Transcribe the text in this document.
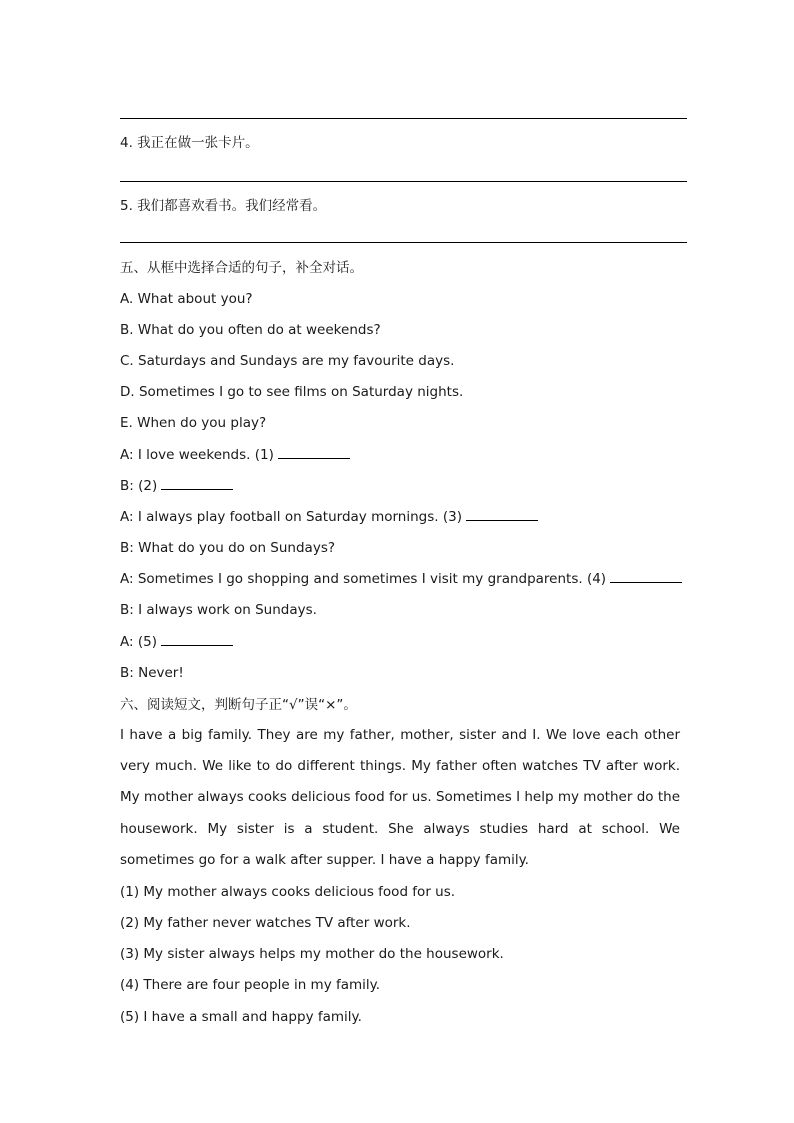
4. 我正在做一张卡片。
5. 我们都喜欢看书。我们经常看。
五、从框中选择合适的句子，补全对话。
A. What about you?
B. What do you often do at weekends?
C. Saturdays and Sundays are my favourite days.
D. Sometimes I go to see films on Saturday nights.
E. When do you play?
A: I love weekends. (1)
B: (2)
A: I always play football on Saturday mornings. (3)
B: What do you do on Sundays?
A: Sometimes I go shopping and sometimes I visit my grandparents. (4)
B: I always work on Sundays.
A: (5)
B: Never!
六、阅读短文，判断句子正“√”误“×”。
I have a big family. They are my father, mother, sister and I. We love each other very much. We like to do different things. My father often watches TV after work. My mother always cooks delicious food for us. Sometimes I help my mother do the housework. My sister is a student. She always studies hard at school. We sometimes go for a walk after supper. I have a happy family.
(1) My mother always cooks delicious food for us.
(2) My father never watches TV after work.
(3) My sister always helps my mother do the housework.
(4) There are four people in my family.
(5) I have a small and happy family.
